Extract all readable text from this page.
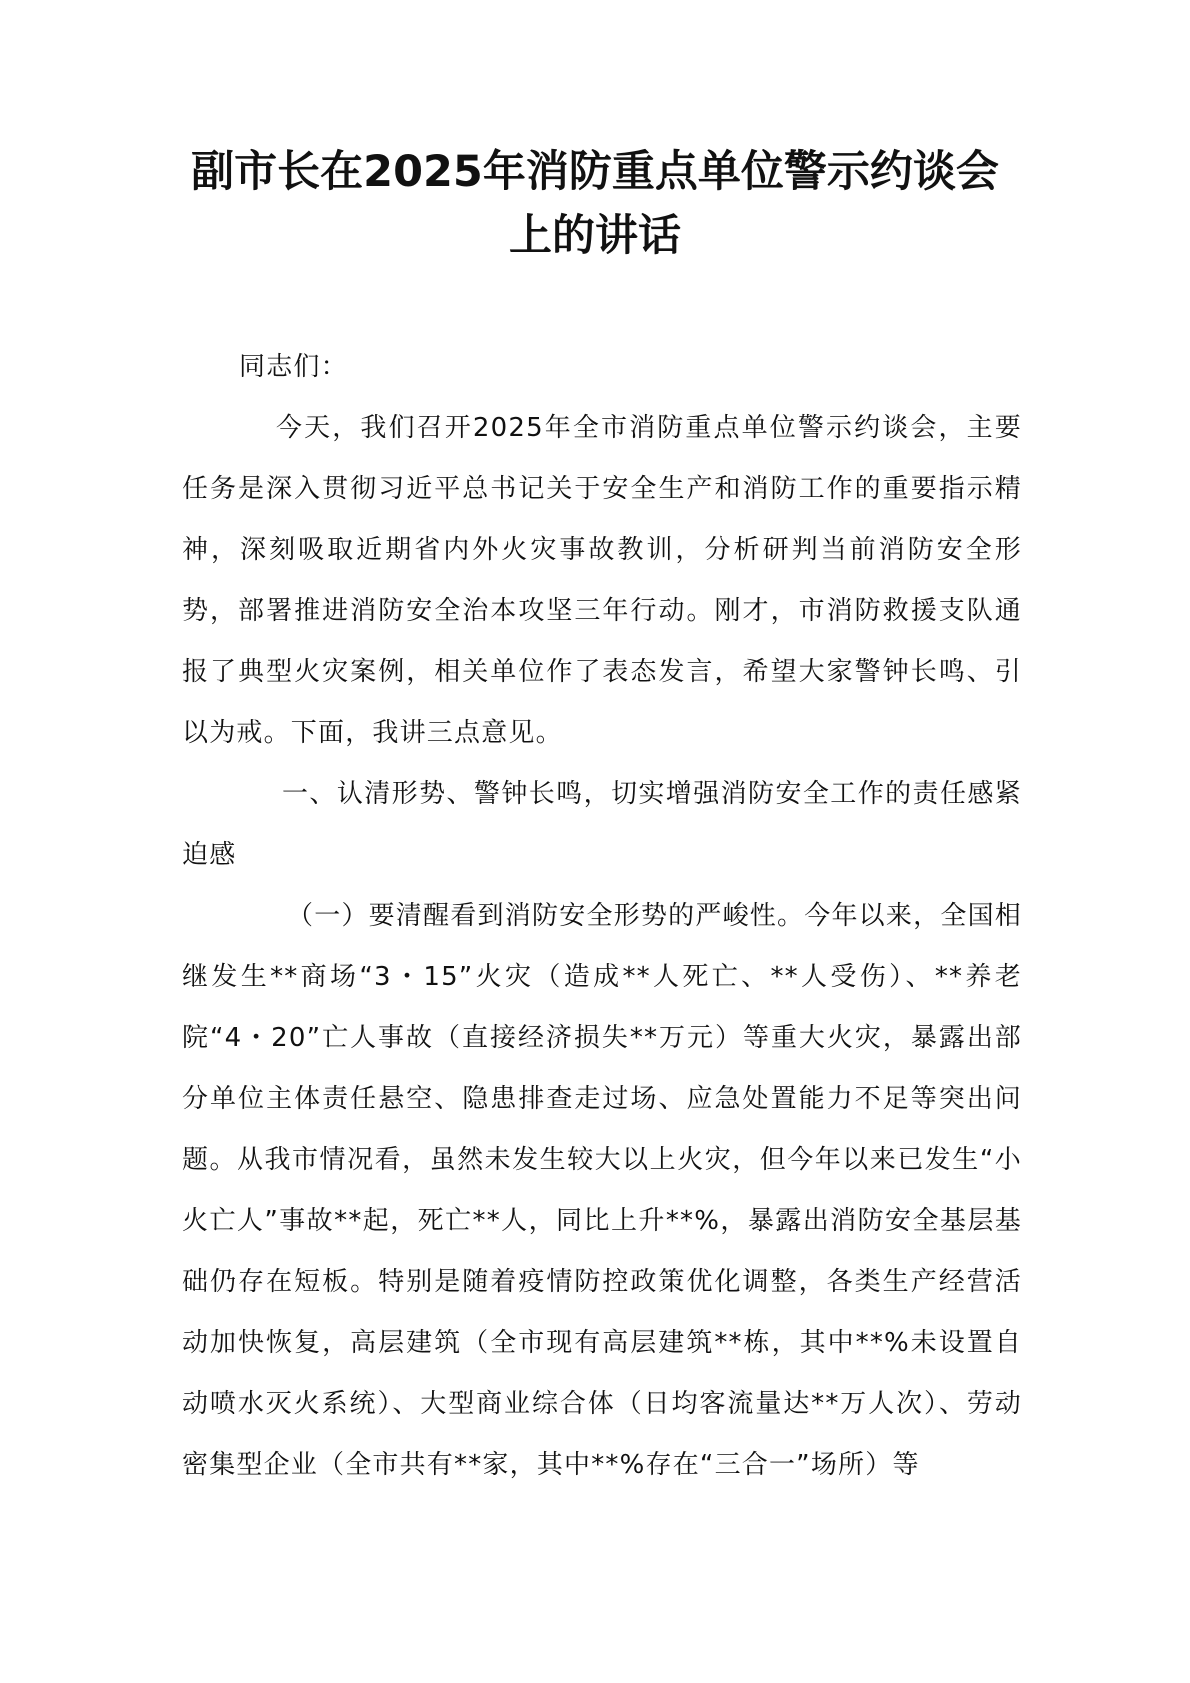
副市长在2025年消防重点单位警示约谈会
上的讲话

同志们：

今天，我们召开2025年全市消防重点单位警示约谈会，主要任务是深入贯彻习近平总书记关于安全生产和消防工作的重要指示精神，深刻吸取近期省内外火灾事故教训，分析研判当前消防安全形势，部署推进消防安全治本攻坚三年行动。刚才，市消防救援支队通报了典型火灾案例，相关单位作了表态发言，希望大家警钟长鸣、引以为戒。下面，我讲三点意见。

一、认清形势、警钟长鸣，切实增强消防安全工作的责任感紧迫感

（一）要清醒看到消防安全形势的严峻性。今年以来，全国相继发生**商场“3・15”火灾（造成**人死亡、**人受伤）、**养老院“4・20”亡人事故（直接经济损失**万元）等重大火灾，暴露出部分单位主体责任悬空、隐患排查走过场、应急处置能力不足等突出问题。从我市情况看，虽然未发生较大以上火灾，但今年以来已发生“小火亡人”事故**起，死亡**人，同比上升**%，暴露出消防安全基层基础仍存在短板。特别是随着疫情防控政策优化调整，各类生产经营活动加快恢复，高层建筑（全市现有高层建筑**栋，其中**%未设置自动喷水灭火系统）、大型商业综合体（日均客流量达**万人次）、劳动密集型企业（全市共有**家，其中**%存在“三合一”场所）等
